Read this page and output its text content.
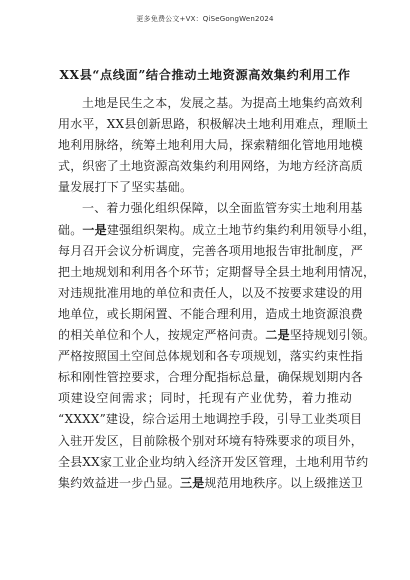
更多免费公文+VX：QiSeGongWen2024
XX县“点线面”结合推动土地资源高效集约利用工作
土地是民生之本，发展之基。为提高土地集约高效利
用水平，XX县创新思路，积极解决土地利用难点，理顺土
地利用脉络，统筹土地利用大局，探索精细化管地用地模
式，织密了土地资源高效集约利用网络，为地方经济高质
量发展打下了坚实基础。
一、着力强化组织保障，以全面监管夯实土地利用基
础。一是建强组织架构。成立土地节约集约利用领导小组，
每月召开会议分析调度，完善各项用地报告审批制度，严
把土地规划和利用各个环节；定期督导全县土地利用情况，
对违规批准用地的单位和责任人，以及不按要求建设的用
地单位，或长期闲置、不能合理利用，造成土地资源浪费
的相关单位和个人，按规定严格问责。二是坚持规划引领。
严格按照国土空间总体规划和各专项规划，落实约束性指
标和刚性管控要求，合理分配指标总量，确保规划期内各
项建设空间需求；同时，托现有产业优势，着力推动
“XXXX”建设，综合运用土地调控手段，引导工业类项目
入驻开发区，目前除极个别对环境有特殊要求的项目外，
全县XX家工业企业均纳入经济开发区管理，土地利用节约
集约效益进一步凸显。三是规范用地秩序。以上级推送卫
